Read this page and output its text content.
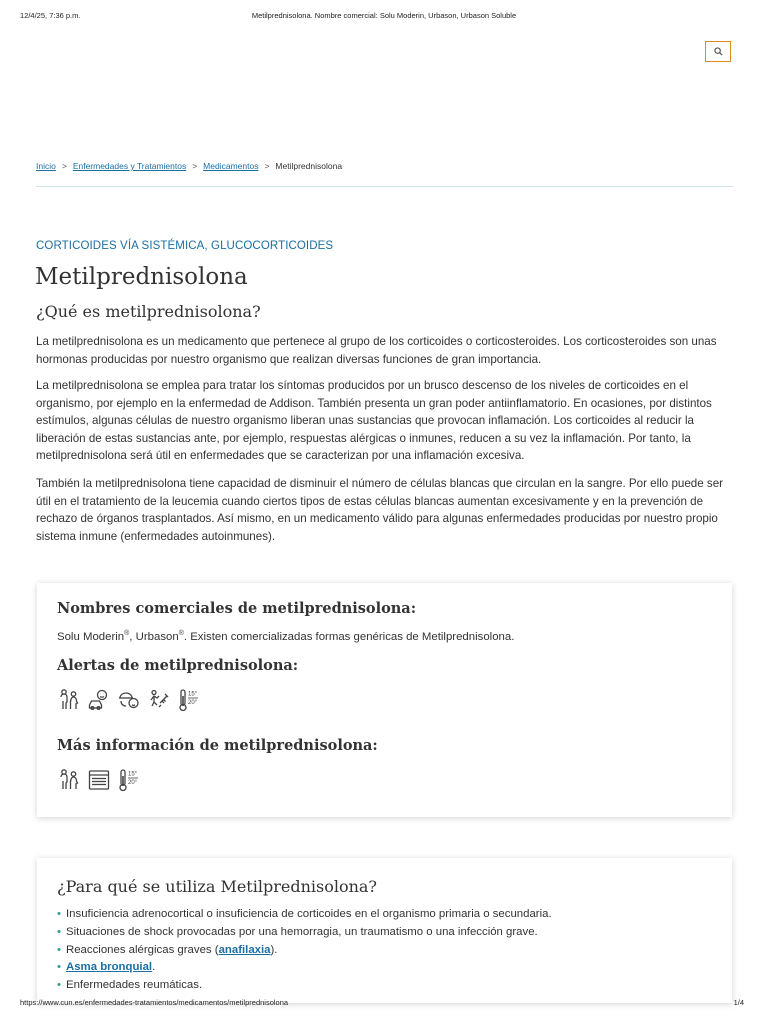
12/4/25, 7:36 p.m.	Metilprednisolona. Nombre comercial: Solu Moderin, Urbason, Urbason Soluble
Inicio > Enfermedades y Tratamientos > Medicamentos > Metilprednisolona
CORTICOIDES VÍA SISTÉMICA, GLUCOCORTICOIDES
Metilprednisolona
¿Qué es metilprednisolona?

La metilprednisolona es un medicamento que pertenece al grupo de los corticoides o corticosteroides. Los corticosteroides son unas hormonas producidas por nuestro organismo que realizan diversas funciones de gran importancia.

La metilprednisolona se emplea para tratar los síntomas producidos por un brusco descenso de los niveles de corticoides en el organismo, por ejemplo en la enfermedad de Addison. También presenta un gran poder antiinflamatorio. En ocasiones, por distintos estímulos, algunas células de nuestro organismo liberan unas sustancias que provocan inflamación. Los corticoides al reducir la liberación de estas sustancias ante, por ejemplo, respuestas alérgicas o inmunes, reducen a su vez la inflamación. Por tanto, la metilprednisolona será útil en enfermedades que se caracterizan por una inflamación excesiva.

También la metilprednisolona tiene capacidad de disminuir el número de células blancas que circulan en la sangre. Por ello puede ser útil en el tratamiento de la leucemia cuando ciertos tipos de estas células blancas aumentan excesivamente y en la prevención de rechazo de órganos trasplantados. Así mismo, en un medicamento válido para algunas enfermedades producidas por nuestro propio sistema inmune (enfermedades autoinmunes).

Nombres comerciales de metilprednisolona:
Solu Moderin®, Urbason®. Existen comercializadas formas genéricas de Metilprednisolona.
Alertas de metilprednisolona:
15°
20°
Más información de metilprednisolona:
15°
20°
¿Para qué se utiliza Metilprednisolona?
• Insuficiencia adrenocortical o insuficiencia de corticoides en el organismo primaria o secundaria.
• Situaciones de shock provocadas por una hemorragia, un traumatismo o una infección grave.
• Reacciones alérgicas graves (anafilaxia).
• Asma bronquial.
• Enfermedades reumáticas.
https://www.cun.es/enfermedades-tratamientos/medicamentos/metilprednisolona	1/4
